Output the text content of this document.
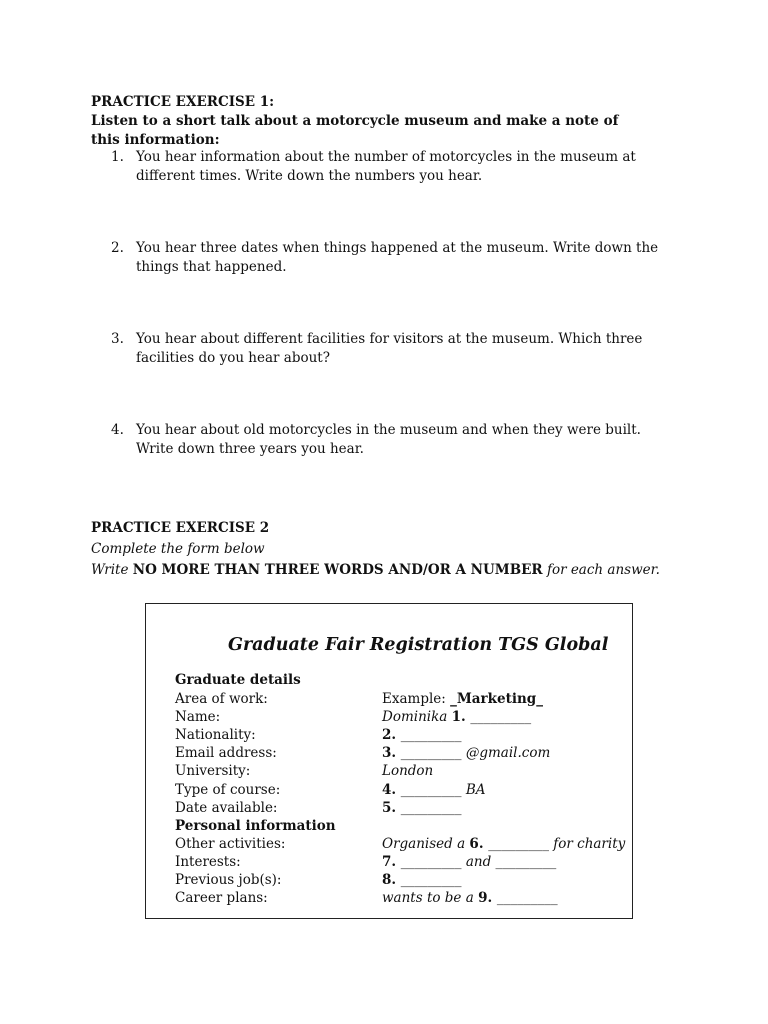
PRACTICE EXERCISE 1:
Listen to a short talk about a motorcycle museum and make a note of this information:
1. You hear information about the number of motorcycles in the museum at different times. Write down the numbers you hear.
2. You hear three dates when things happened at the museum. Write down the things that happened.
3. You hear about different facilities for visitors at the museum. Which three facilities do you hear about?
4. You hear about old motorcycles in the museum and when they were built. Write down three years you hear.
PRACTICE EXERCISE 2
Complete the form below
Write NO MORE THAN THREE WORDS AND/OR A NUMBER for each answer.
Graduate Fair Registration TGS Global
Graduate details
Area of work:	Example: _Marketing_
Name:	Dominika 1. _________
Nationality:	2. _________
Email address:	3. _________ @gmail.com
University:	London
Type of course:	4. _________ BA
Date available:	5. _________
Personal information
Other activities:	Organised a 6. _________ for charity
Interests:	7. _________ and _________
Previous job(s):	8. _________
Career plans:	wants to be a 9. _________
